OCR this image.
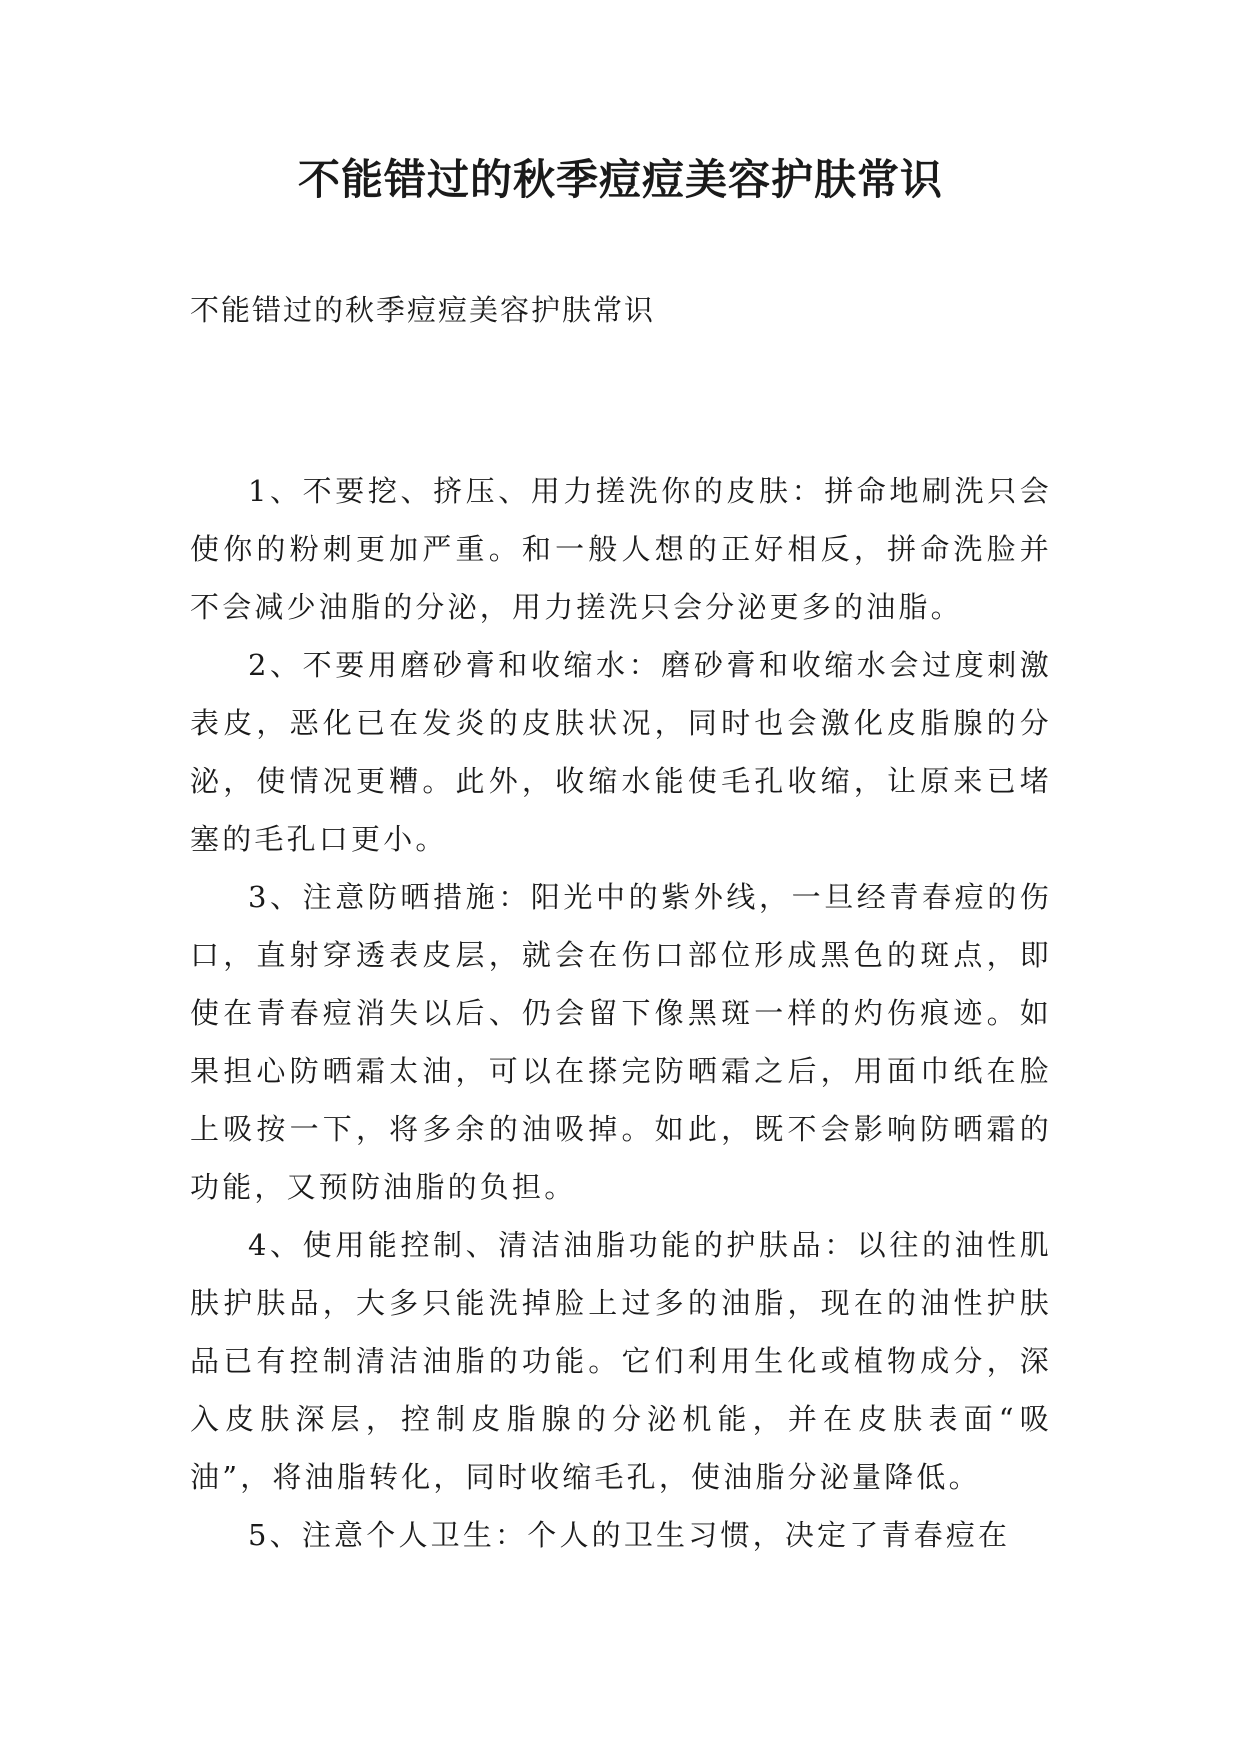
不能错过的秋季痘痘美容护肤常识

不能错过的秋季痘痘美容护肤常识

1、不要挖、挤压、用力搓洗你的皮肤：拼命地刷洗只会使你的粉刺更加严重。和一般人想的正好相反，拼命洗脸并不会减少油脂的分泌，用力搓洗只会分泌更多的油脂。

2、不要用磨砂膏和收缩水：磨砂膏和收缩水会过度刺激表皮，恶化已在发炎的皮肤状况，同时也会激化皮脂腺的分泌，使情况更糟。此外，收缩水能使毛孔收缩，让原来已堵塞的毛孔口更小。

3、注意防晒措施：阳光中的紫外线，一旦经青春痘的伤口，直射穿透表皮层，就会在伤口部位形成黑色的斑点，即使在青春痘消失以后、仍会留下像黑斑一样的灼伤痕迹。如果担心防晒霜太油，可以在搽完防晒霜之后，用面巾纸在脸上吸按一下，将多余的油吸掉。如此，既不会影响防晒霜的功能，又预防油脂的负担。

4、使用能控制、清洁油脂功能的护肤品：以往的油性肌肤护肤品，大多只能洗掉脸上过多的油脂，现在的油性护肤品已有控制清洁油脂的功能。它们利用生化或植物成分，深入皮肤深层，控制皮脂腺的分泌机能，并在皮肤表面“吸油”，将油脂转化，同时收缩毛孔，使油脂分泌量降低。

5、注意个人卫生：个人的卫生习惯，决定了青春痘在
